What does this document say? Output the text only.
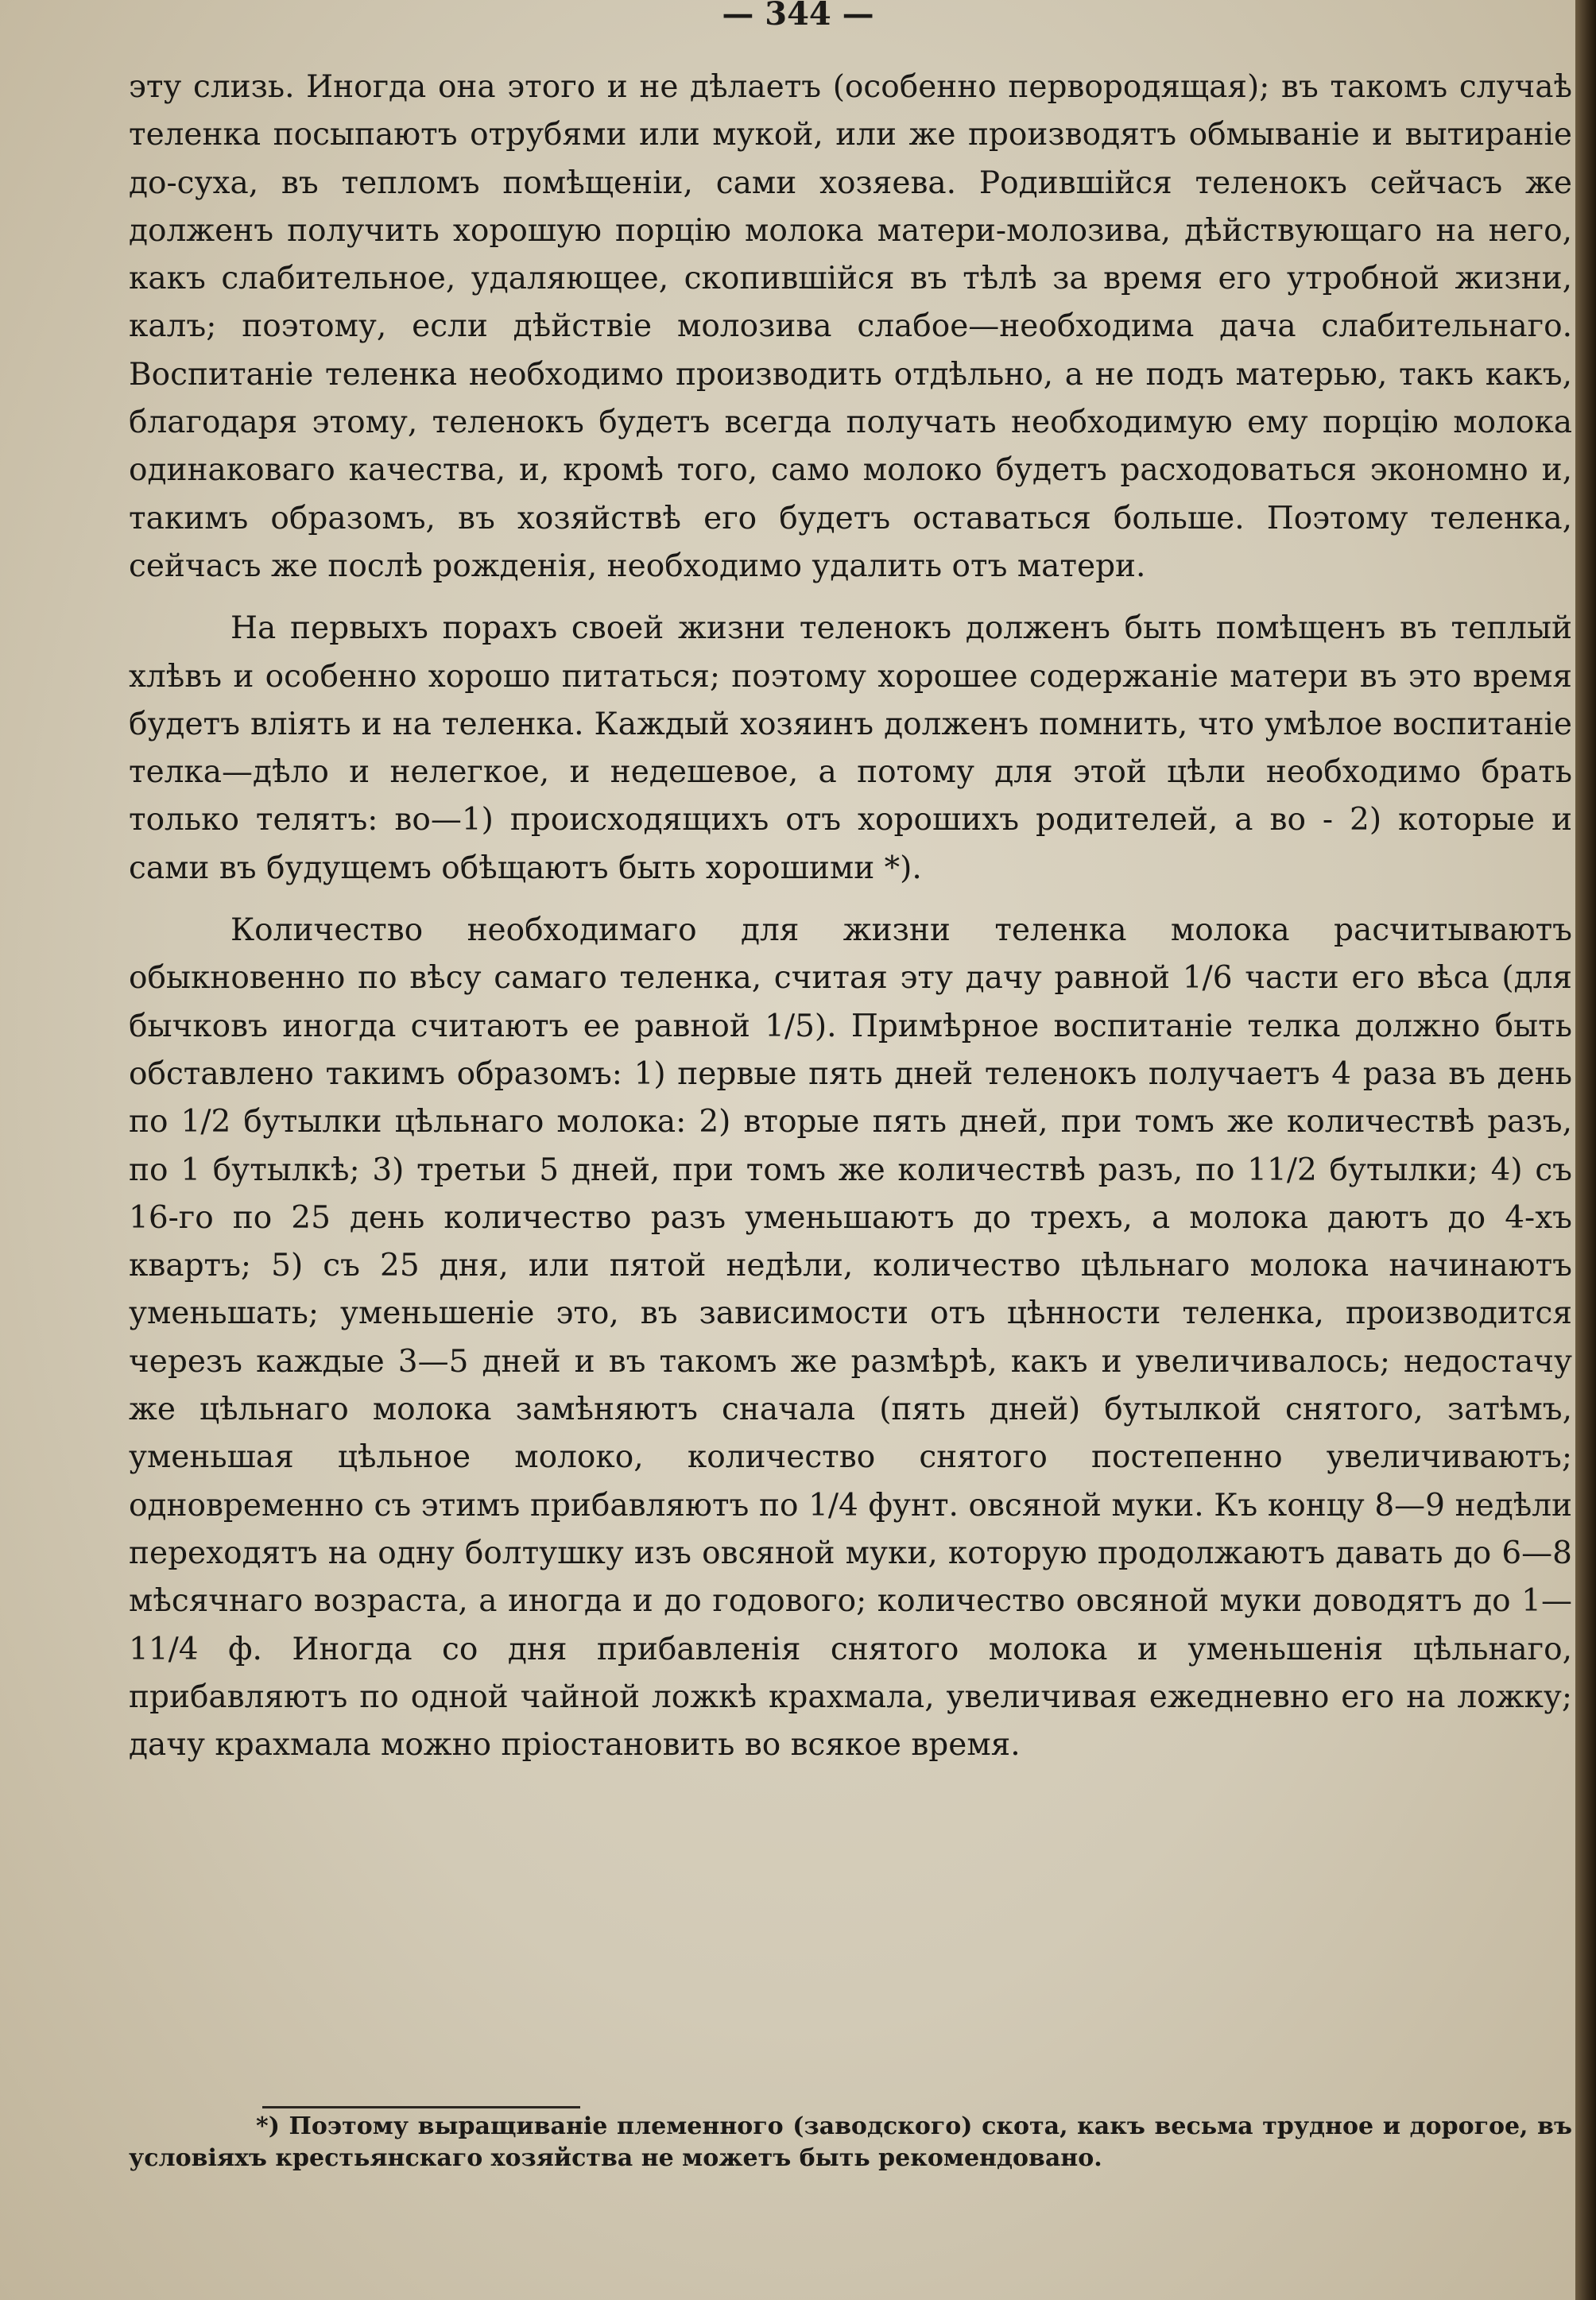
— 344 —

эту слизь. Иногда она этого и не дѣлаетъ (особенно первородящая); въ такомъ случаѣ теленка посыпаютъ отрубями или мукой, или же производятъ обмываніе и вытираніе до-суха, въ тепломъ помѣщеніи, сами хозяева. Родившійся теленокъ сейчасъ же долженъ получить хорошую порцію молока матери-молозива, дѣйствующаго на него, какъ слабительное, удаляющее, скопившійся въ тѣлѣ за время его утробной жизни, калъ; поэтому, если дѣйствіе молозива слабое—необходима дача слабительнаго. Воспитаніе теленка необходимо производить отдѣльно, а не подъ матерью, такъ какъ, благодаря этому, теленокъ будетъ всегда получать необходимую ему порцію молока одинаковаго качества, и, кромѣ того, само молоко будетъ расходоваться экономно и, такимъ образомъ, въ хозяйствѣ его будетъ оставаться больше. Поэтому теленка, сейчасъ же послѣ рожденія, необходимо удалить отъ матери.

На первыхъ порахъ своей жизни теленокъ долженъ быть помѣщенъ въ теплый хлѣвъ и особенно хорошо питаться; поэтому хорошее содержаніе матери въ это время будетъ вліять и на теленка. Каждый хозяинъ долженъ помнить, что умѣлое воспитаніе телка—дѣло и нелегкое, и недешевое, а потому для этой цѣли необходимо брать только телятъ: во—1) происходящихъ отъ хорошихъ родителей, а во - 2) которые и сами въ будущемъ обѣщаютъ быть хорошими *).

Количество необходимаго для жизни теленка молока расчитываютъ обыкновенно по вѣсу самаго теленка, считая эту дачу равной 1/6 части его вѣса (для бычковъ иногда считаютъ ее равной 1/5). Примѣрное воспитаніе телка должно быть обставлено такимъ образомъ: 1) первые пять дней теленокъ получаетъ 4 раза въ день по 1/2 бутылки цѣльнаго молока: 2) вторые пять дней, при томъ же количествѣ разъ, по 1 бутылкѣ; 3) третьи 5 дней, при томъ же количествѣ разъ, по 11/2 бутылки; 4) съ 16-го по 25 день количество разъ уменьшаютъ до трехъ, а молока даютъ до 4-хъ квартъ; 5) съ 25 дня, или пятой недѣли, количество цѣльнаго молока начинаютъ уменьшать; уменьшеніе это, въ зависимости отъ цѣнности теленка, производится черезъ каждые 3—5 дней и въ такомъ же размѣрѣ, какъ и увеличивалось; недостачу же цѣльнаго молока замѣняютъ сначала (пять дней) бутылкой снятого, затѣмъ, уменьшая цѣльное молоко, количество снятого постепенно увеличиваютъ; одновременно съ этимъ прибавляютъ по 1/4 фунт. овсяной муки. Къ концу 8—9 недѣли переходятъ на одну болтушку изъ овсяной муки, которую продолжаютъ давать до 6—8 мѣсячнаго возраста, а иногда и до годового; количество овсяной муки доводятъ до 1—11/4 ф. Иногда со дня прибавленія снятого молока и уменьшенія цѣльнаго, прибавляютъ по одной чайной ложкѣ крахмала, увеличивая ежедневно его на ложку; дачу крахмала можно пріостановить во всякое время.

*) Поэтому выращиваніе племенного (заводского) скота, какъ весьма трудное и дорогое, въ условіяхъ крестьянскаго хозяйства не можетъ быть рекомендовано.
